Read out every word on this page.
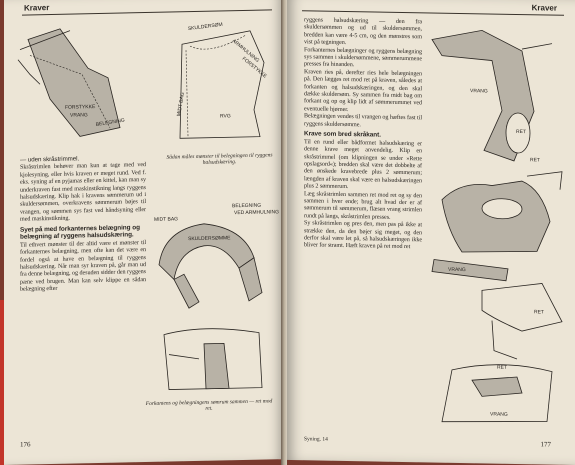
Kraver
FORSTYKKE
VRANG
BELEGNING
SKULDERSØM
ARMHULNING
FORSTYKKE
MIDT BAG	RVG
Sådan måles mønster til belegningen til ryggens halsudskæring.
— uden skråstrimmel.

Skråstrimlen behøver man kun at tage med ved kjolesyning, eller hvis kraven er meget rund. Ved f. eks. syning af en pyjamas eller en kittel, kan man sy underkraven fast med maskinstikning langs ryggens halsudskæring. Klip hak i kravens sømmerum ud i skuldersømmen, overkravens sømmerum bøjes til vrangen, og sømmen sys fast ved håndsyning eller med maskinstikning.

Syet på med forkanternes belægning og belægning af ryggens halsudskæring.

Til ethvert mønster til der altid være et mønster til forkanternes belægning, men ofte kan det være en fordel også at have en belægning til ryggens halsudskæring. Når man syr kraven på, går man ud fra denne belægning, og desuden sidder den ryggens pæne ved brugen. Man kan selv klippe en sådan belægning efter

MIDT BAG
BELEGNING
VED ARMHULNING
SKULDERSØMME
Forkantens og belægningens sømrum sammen — ret mod ret.
176
Kraver

ryggens halsudskæring — den fra skuldersømmen og ud til skuldersømmen, bredden kan være 4-5 cm, og den mønstres som vist på tegningen.

Forkanternes belægninger og ryggens belægning sys sammen i skuldersømmene, sømmerummene presses fra hinanden.

Kraven ries på, derefter ries hele belægningen på. Den lægges ret mod ret på kraven, således at forkanten og halsudskæringen, og den skal dække skuldersøm. Sy sammen fra midt bag om forkant og op og klip lidt af sømmerummet ved eventuelle hjørner.

Belægningen vendes til vrangen og hæftes fast til ryggens skuldersømme.

Krave som bred skråkant.

Til en rund eller bådformet halsudskæring er denne krave meget anvendelig. Klip en skråstrimmel (om klipningen se under »Rette opslagsord«); bredden skal være det dobbelte af den ønskede kravebrede plus 2 sømmerum; længden af kraven skal være en halsudskæringen plus 2 sømmerum.

Læg skråstrimlen sammen ret mod ret og sy den sammen i hver ende; brug alt hvad der er af sømmerum til sømmerum, flæsen vrang strimlen rundt på langs, skråstrimlen presses.

Sy skråstrimlen og pres den, men pas på ikke at strække den, da den bøjer sig meget, og den derfor skal være let på, så halsudskæringen ikke bliver for stramt. Hæft kraven på ret mod ret

VRANG
RET
RET
VRANG
RET
RET
VRANG
Syning. 14
177
